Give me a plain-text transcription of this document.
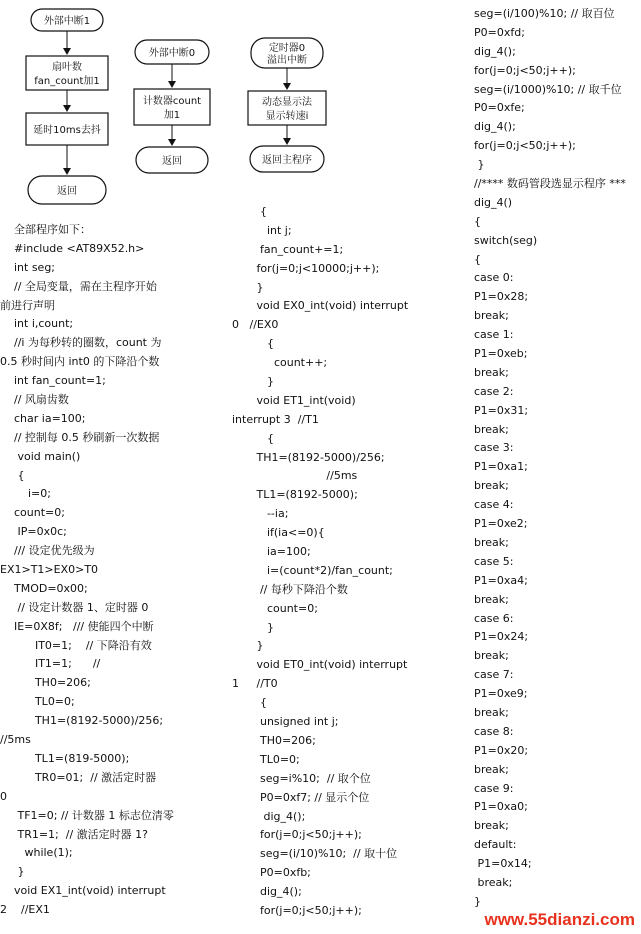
外部中断1
扇叶数
fan_count加1
延时10ms去抖
返回
外部中断0
计数器count
加1
返回
定时器0
溢出中断
动态显示法
显示转速i
返回主程序
全部程序如下：
#include <AT89X52.h>
int seg;
// 全局变量，需在主程序开始
前进行声明
int i,count;
//i 为每秒转的圈数，count 为
0.5 秒时间内 int0 的下降沿个数
int fan_count=1;
// 风扇齿数
char ia=100;
// 控制每 0.5 秒刷新一次数据
void main()
{
i=0;
count=0;
IP=0x0c;
/// 设定优先级为
EX1>T1>EX0>T0
TMOD=0x00;
// 设定计数器 1、定时器 0
IE=0X8f;   /// 使能四个中断
IT0=1;    // 下降沿有效
IT1=1;      //
TH0=206;
TL0=0;
TH1=(8192-5000)/256;
//5ms
TL1=(819-5000);
TR0=01;  // 激活定时器
0
TF1=0; // 计数器 1 标志位清零
TR1=1;  // 激活定时器 1?
while(1);
}
void EX1_int(void) interrupt
2    //EX1
{
int j;
fan_count+=1;
for(j=0;j<10000;j++);
}
void EX0_int(void) interrupt
0   //EX0
{
count++;
}
void ET1_int(void)
interrupt 3  //T1
{
TH1=(8192-5000)/256;
//5ms
TL1=(8192-5000);
--ia;
if(ia<=0){
ia=100;
i=(count*2)/fan_count;
// 每秒下降沿个数
count=0;
}
}
void ET0_int(void) interrupt
1     //T0
{
unsigned int j;
TH0=206;
TL0=0;
seg=i%10;  // 取个位
P0=0xf7; // 显示个位
dig_4();
for(j=0;j<50;j++);
seg=(i/10)%10;  // 取十位
P0=0xfb;
dig_4();
for(j=0;j<50;j++);
seg=(i/100)%10; // 取百位
P0=0xfd;
dig_4();
for(j=0;j<50;j++);
seg=(i/1000)%10; // 取千位
P0=0xfe;
dig_4();
for(j=0;j<50;j++);
}
//**** 数码管段选显示程序 ***
dig_4()
{
switch(seg)
{
case 0:
P1=0x28;
break;
case 1:
P1=0xeb;
break;
case 2:
P1=0x31;
break;
case 3:
P1=0xa1;
break;
case 4:
P1=0xe2;
break;
case 5:
P1=0xa4;
break;
case 6:
P1=0x24;
break;
case 7:
P1=0xe9;
break;
case 8:
P1=0x20;
break;
case 9:
P1=0xa0;
break;
default:
P1=0x14;
break;
}
www.55dianzi.com
